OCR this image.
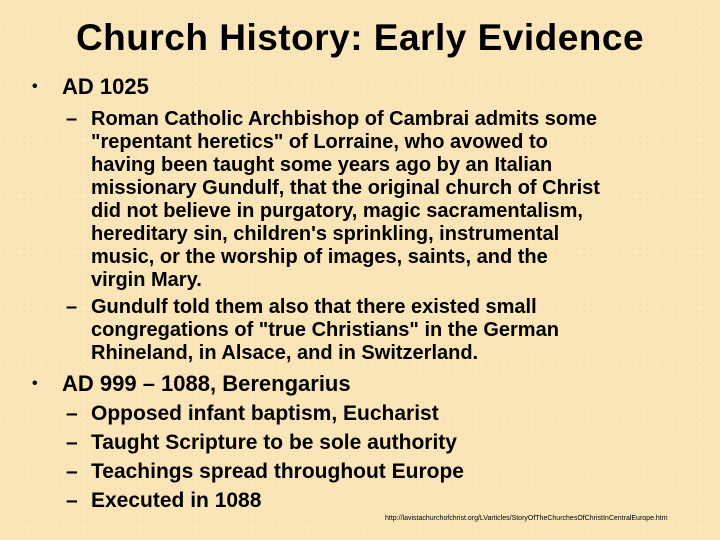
Church History: Early Evidence
• AD 1025
– Roman Catholic Archbishop of Cambrai admits some
"repentant heretics" of Lorraine, who avowed to
having been taught some years ago by an Italian
missionary Gundulf, that the original church of Christ
did not believe in purgatory, magic sacramentalism,
hereditary sin, children's sprinkling, instrumental
music, or the worship of images, saints, and the
virgin Mary.
– Gundulf told them also that there existed small
congregations of "true Christians" in the German
Rhineland, in Alsace, and in Switzerland.
• AD 999 – 1088, Berengarius
– Opposed infant baptism, Eucharist
– Taught Scripture to be sole authority
– Teachings spread throughout Europe
– Executed in 1088
http://lavistachurchofchrist.org/LVarticles/StoryOfTheChurchesOfChristInCentralEurope.htm
